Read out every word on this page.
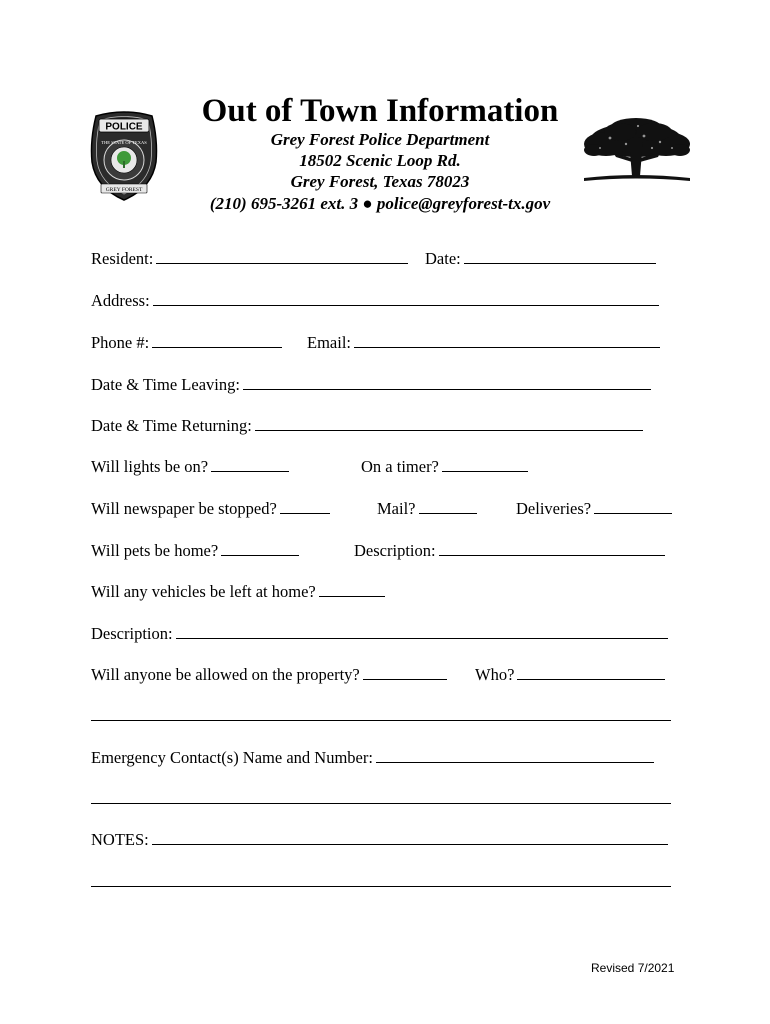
POLICE
THE STATE OF TEXAS
GREY FOREST
Out of Town Information
Grey Forest Police Department
18502 Scenic Loop Rd.
Grey Forest, Texas 78023
(210) 695-3261 ext. 3 ● police@greyforest-tx.gov
Resident:	Date:
Address:
Phone #:	Email:
Date & Time Leaving:
Date & Time Returning:
Will lights be on?	On a timer?
Will newspaper be stopped?	Mail?	Deliveries?
Will pets be home?	Description:
Will any vehicles be left at home?
Description:
Will anyone be allowed on the property?	Who?
Emergency Contact(s) Name and Number:
NOTES:
Revised 7/2021
